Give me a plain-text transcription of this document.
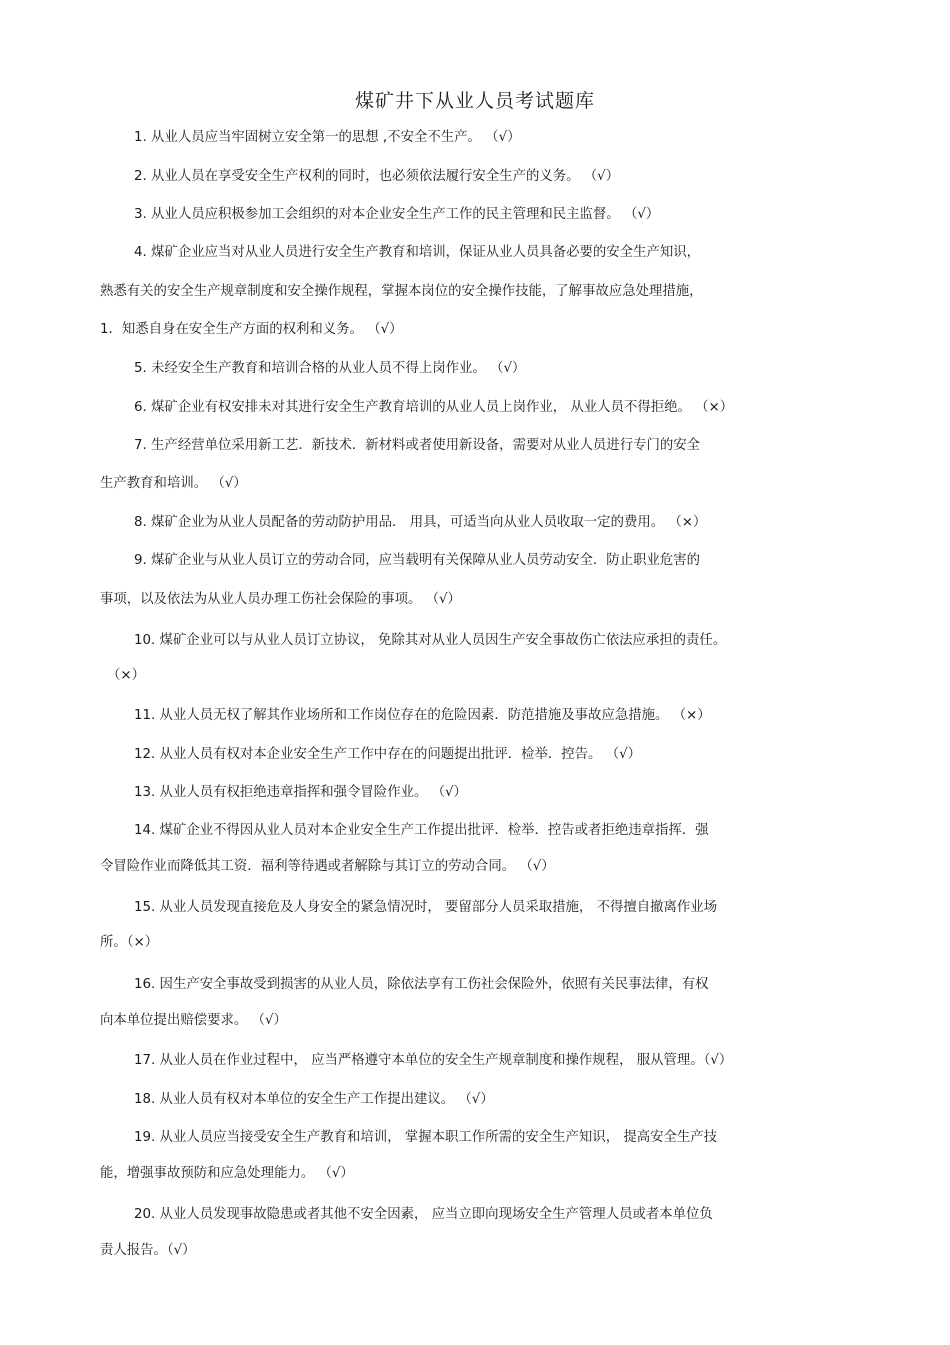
煤矿井下从业人员考试题库
1. 从业人员应当牢固树立安全第一的思想 ,不安全不生产。 （√）
2. 从业人员在享受安全生产权利的同时，也必须依法履行安全生产的义务。 （√）
3. 从业人员应积极参加工会组织的对本企业安全生产工作的民主管理和民主监督。 （√）
4. 煤矿企业应当对从业人员进行安全生产教育和培训，保证从业人员具备必要的安全生产知识，
熟悉有关的安全生产规章制度和安全操作规程，掌握本岗位的安全操作技能，了解事故应急处理措施，
1．知悉自身在安全生产方面的权利和义务。 （√）
5. 未经安全生产教育和培训合格的从业人员不得上岗作业。 （√）
6. 煤矿企业有权安排未对其进行安全生产教育培训的从业人员上岗作业， 从业人员不得拒绝。 （×）
7. 生产经营单位采用新工艺．新技术．新材料或者使用新设备，需要对从业人员进行专门的安全
生产教育和培训。 （√）
8. 煤矿企业为从业人员配备的劳动防护用品． 用具，可适当向从业人员收取一定的费用。 （×）
9. 煤矿企业与从业人员订立的劳动合同，应当载明有关保障从业人员劳动安全．防止职业危害的
事项，以及依法为从业人员办理工伤社会保险的事项。 （√）
10. 煤矿企业可以与从业人员订立协议， 免除其对从业人员因生产安全事故伤亡依法应承担的责任。
（×）
11. 从业人员无权了解其作业场所和工作岗位存在的危险因素．防范措施及事故应急措施。 （×）
12. 从业人员有权对本企业安全生产工作中存在的问题提出批评．检举．控告。 （√）
13. 从业人员有权拒绝违章指挥和强令冒险作业。 （√）
14. 煤矿企业不得因从业人员对本企业安全生产工作提出批评．检举．控告或者拒绝违章指挥．强
令冒险作业而降低其工资．福利等待遇或者解除与其订立的劳动合同。 （√）
15. 从业人员发现直接危及人身安全的紧急情况时， 要留部分人员采取措施， 不得擅自撤离作业场
所。（×）
16. 因生产安全事故受到损害的从业人员，除依法享有工伤社会保险外，依照有关民事法律，有权
向本单位提出赔偿要求。 （√）
17. 从业人员在作业过程中， 应当严格遵守本单位的安全生产规章制度和操作规程， 服从管理。（√）
18. 从业人员有权对本单位的安全生产工作提出建议。 （√）
19. 从业人员应当接受安全生产教育和培训， 掌握本职工作所需的安全生产知识， 提高安全生产技
能，增强事故预防和应急处理能力。 （√）
20. 从业人员发现事故隐患或者其他不安全因素， 应当立即向现场安全生产管理人员或者本单位负
责人报告。（√）
